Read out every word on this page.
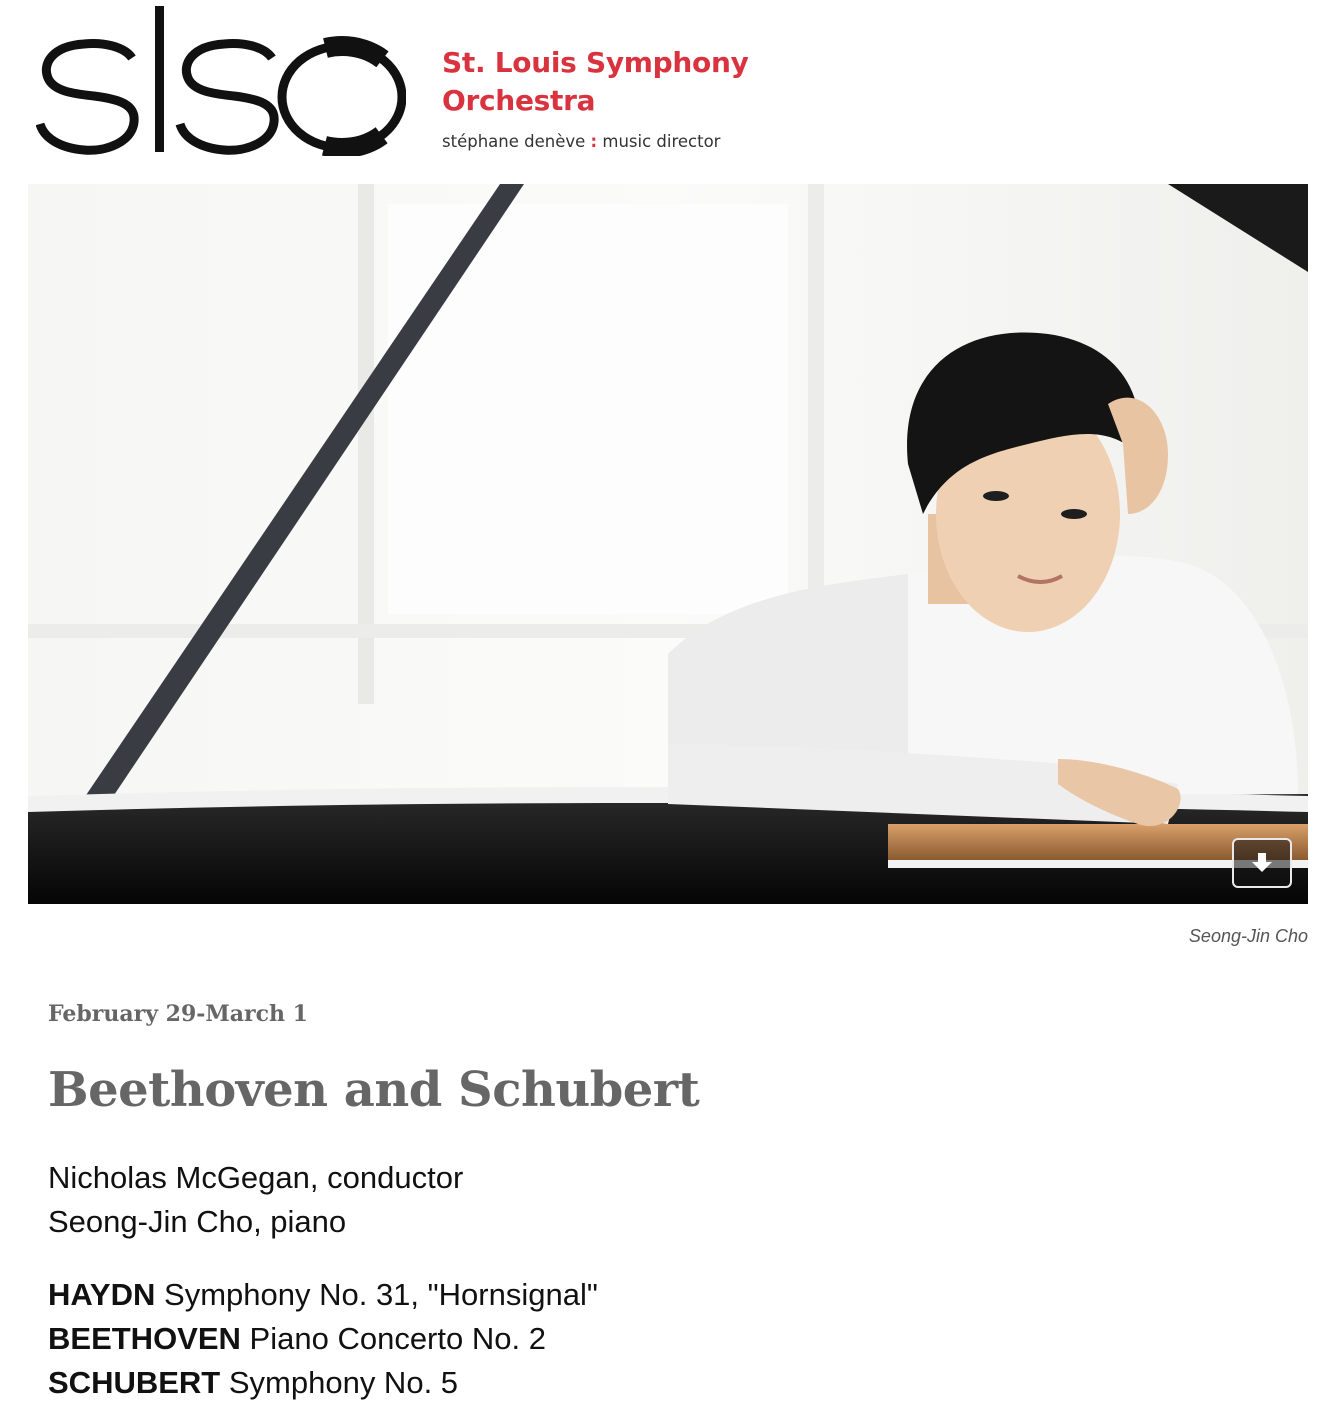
St. Louis Symphony
Orchestra
stéphane denève : music director
Seong-Jin Cho
February 29-March 1
Beethoven and Schubert
Nicholas McGegan, conductor
Seong-Jin Cho, piano
HAYDN Symphony No. 31, "Hornsignal"
BEETHOVEN Piano Concerto No. 2
SCHUBERT Symphony No. 5
